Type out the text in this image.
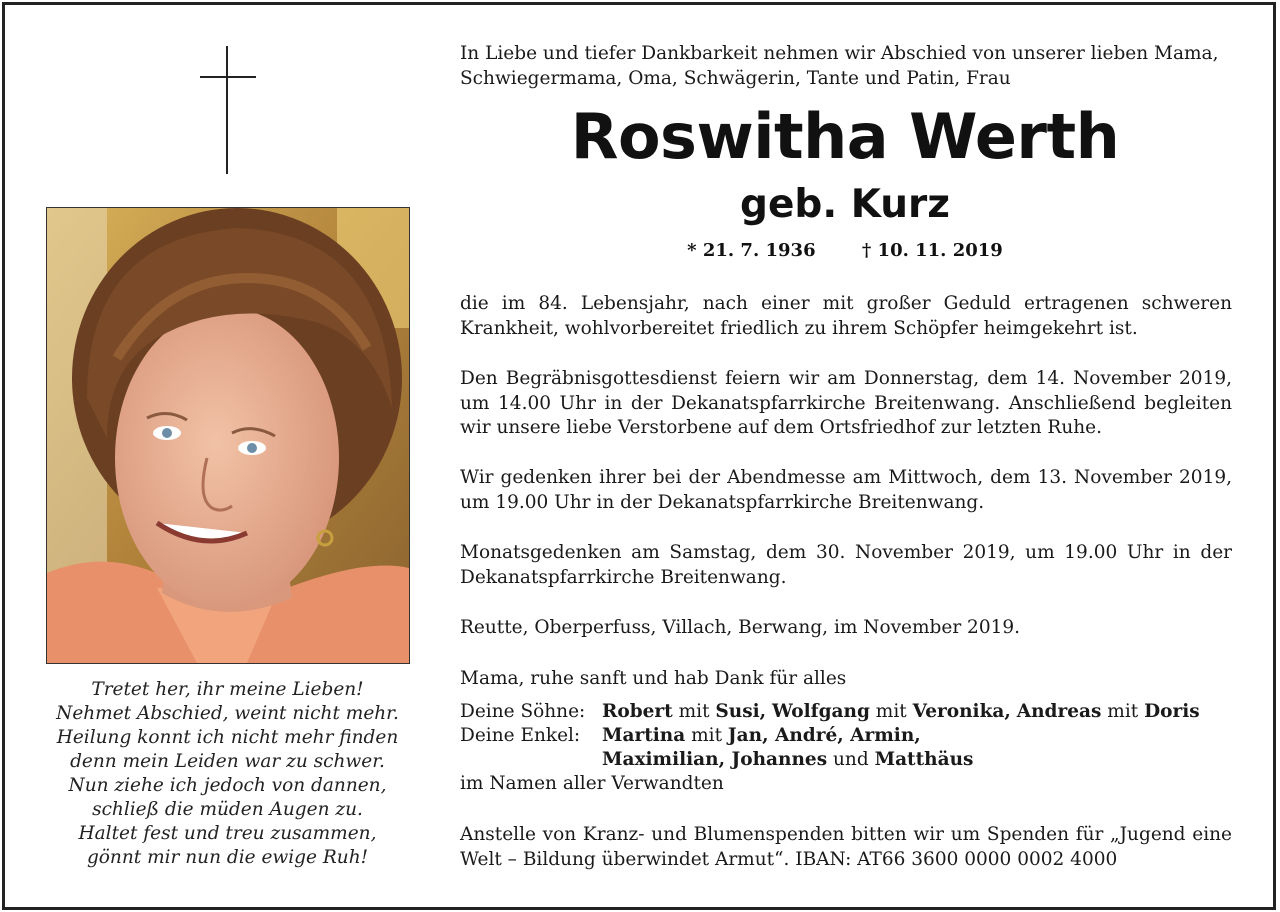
Tretet her, ihr meine Lieben!
Nehmet Abschied, weint nicht mehr.
Heilung konnt ich nicht mehr finden
denn mein Leiden war zu schwer.
Nun ziehe ich jedoch von dannen,
schließ die müden Augen zu.
Haltet fest und treu zusammen,
gönnt mir nun die ewige Ruh!
In Liebe und tiefer Dankbarkeit nehmen wir Abschied von unserer lieben Mama,
Schwiegermama, Oma, Schwägerin, Tante und Patin, Frau
Roswitha Werth
geb. Kurz
* 21. 7. 1936	† 10. 11. 2019
die im 84. Lebensjahr, nach einer mit großer Geduld ertragenen schweren Krankheit, wohlvorbereitet friedlich zu ihrem Schöpfer heimgekehrt ist.
Den Begräbnisgottesdienst feiern wir am Donnerstag, dem 14. November 2019, um 14.00 Uhr in der Dekanatspfarrkirche Breitenwang. Anschließend begleiten wir unsere liebe Verstorbene auf dem Ortsfriedhof zur letzten Ruhe.
Wir gedenken ihrer bei der Abendmesse am Mittwoch, dem 13. November 2019, um 19.00 Uhr in der Dekanatspfarrkirche Breitenwang.
Monatsgedenken am Samstag, dem 30. November 2019, um 19.00 Uhr in der Dekanatspfarrkirche Breitenwang.
Reutte, Oberperfuss, Villach, Berwang, im November 2019.
Mama, ruhe sanft und hab Dank für alles
Deine Söhne: Robert mit Susi, Wolfgang mit Veronika, Andreas mit Doris
Deine Enkel:	Martina mit Jan, André, Armin,
Maximilian, Johannes und Matthäus
im Namen aller Verwandten
Anstelle von Kranz- und Blumenspenden bitten wir um Spenden für „Jugend eine Welt – Bildung überwindet Armut“. IBAN: AT66 3600 0000 0002 4000
